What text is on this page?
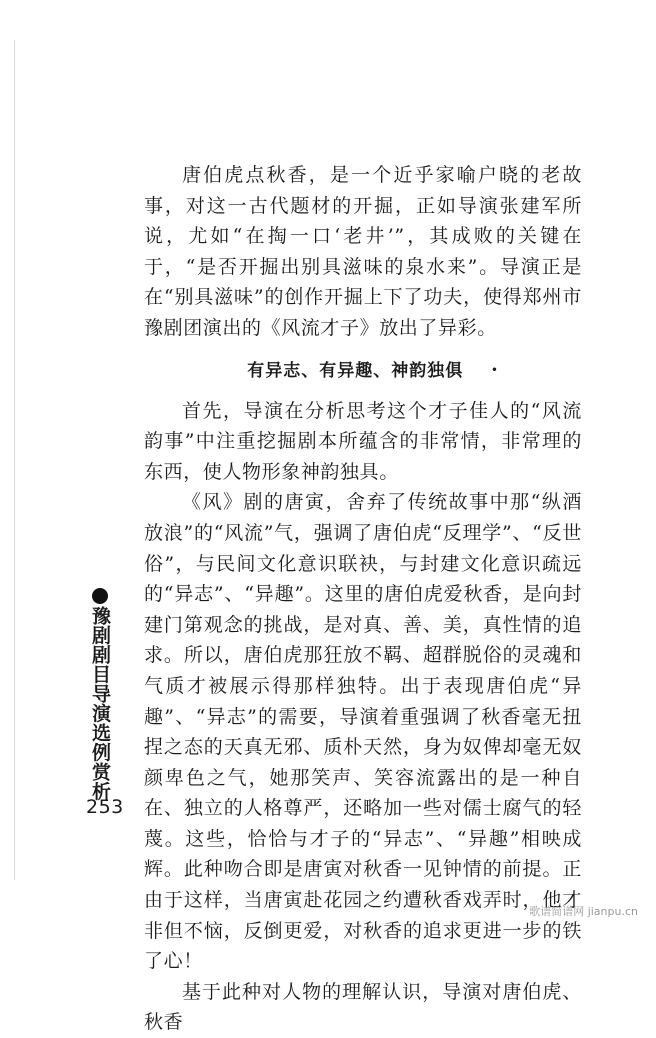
唐伯虎点秋香，是一个近乎家喻户晓的老故事，对这一古代题材的开掘，正如导演张建军所说，尤如“在掏一口‘老井’”，其成败的关键在于，“是否开掘出别具滋味的泉水来”。导演正是在“别具滋味”的创作开掘上下了功夫，使得郑州市豫剧团演出的《风流才子》放出了异彩。

有异志、有异趣、神韵独俱	•

首先，导演在分析思考这个才子佳人的“风流韵事”中注重挖掘剧本所蕴含的非常情，非常理的东西，使人物形象神韵独具。

《风》剧的唐寅，舍弃了传统故事中那“纵酒放浪”的“风流”气，强调了唐伯虎“反理学”、“反世俗”，与民间文化意识联袂，与封建文化意识疏远的“异志”、“异趣”。这里的唐伯虎爱秋香，是向封建门第观念的挑战，是对真、善、美，真性情的追求。所以，唐伯虎那狂放不羁、超群脱俗的灵魂和气质才被展示得那样独特。出于表现唐伯虎“异趣”、“异志”的需要，导演着重强调了秋香毫无扭捏之态的天真无邪、质朴天然，身为奴俾却毫无奴颜卑色之气，她那笑声、笑容流露出的是一种自在、独立的人格尊严，还略加一些对儒士腐气的轻蔑。这些，恰恰与才子的“异志”、“异趣”相映成辉。此种吻合即是唐寅对秋香一见钟情的前提。正由于这样，当唐寅赴花园之约遭秋香戏弄时，他才非但不恼，反倒更爱，对秋香的追求更进一步的铁了心！

基于此种对人物的理解认识，导演对唐伯虎、秋香

豫剧剧目导演选例赏析
253
歌谱简谱网 jianpu.cn
